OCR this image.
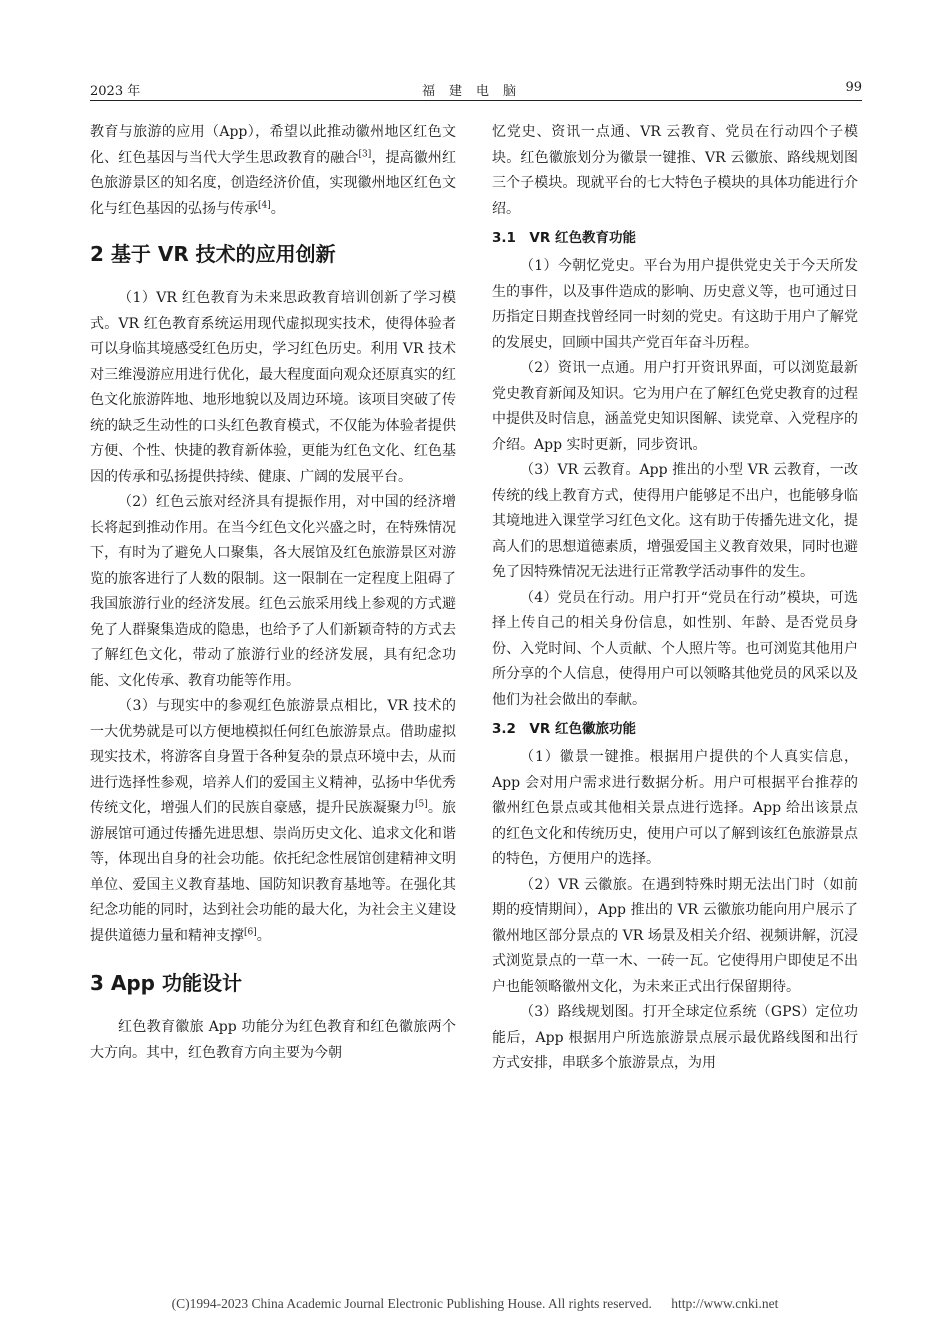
2023 年	福建电脑	99

教育与旅游的应用（App），希望以此推动徽州地区红色文化、红色基因与当代大学生思政教育的融合[3]，提高徽州红色旅游景区的知名度，创造经济价值，实现徽州地区红色文化与红色基因的弘扬与传承[4]。

2 基于 VR 技术的应用创新

（1）VR 红色教育为未来思政教育培训创新了学习模式。VR 红色教育系统运用现代虚拟现实技术，使得体验者可以身临其境感受红色历史，学习红色历史。利用 VR 技术对三维漫游应用进行优化，最大程度面向观众还原真实的红色文化旅游阵地、地形地貌以及周边环境。该项目突破了传统的缺乏生动性的口头红色教育模式，不仅能为体验者提供方便、个性、快捷的教育新体验，更能为红色文化、红色基因的传承和弘扬提供持续、健康、广阔的发展平台。

（2）红色云旅对经济具有提振作用，对中国的经济增长将起到推动作用。在当今红色文化兴盛之时，在特殊情况下，有时为了避免人口聚集，各大展馆及红色旅游景区对游览的旅客进行了人数的限制。这一限制在一定程度上阻碍了我国旅游行业的经济发展。红色云旅采用线上参观的方式避免了人群聚集造成的隐患，也给予了人们新颖奇特的方式去了解红色文化，带动了旅游行业的经济发展，具有纪念功能、文化传承、教育功能等作用。

（3）与现实中的参观红色旅游景点相比，VR 技术的一大优势就是可以方便地模拟任何红色旅游景点。借助虚拟现实技术，将游客自身置于各种复杂的景点环境中去，从而进行选择性参观，培养人们的爱国主义精神，弘扬中华优秀传统文化，增强人们的民族自豪感，提升民族凝聚力[5]。旅游展馆可通过传播先进思想、崇尚历史文化、追求文化和谐等，体现出自身的社会功能。依托纪念性展馆创建精神文明单位、爱国主义教育基地、国防知识教育基地等。在强化其纪念功能的同时，达到社会功能的最大化，为社会主义建设提供道德力量和精神支撑[6]。

3 App 功能设计

红色教育徽旅 App 功能分为红色教育和红色徽旅两个大方向。其中，红色教育方向主要为今朝

忆党史、资讯一点通、VR 云教育、党员在行动四个子模块。红色徽旅划分为徽景一键推、VR 云徽旅、路线规划图三个子模块。现就平台的七大特色子模块的具体功能进行介绍。

3.1　VR 红色教育功能

（1）今朝忆党史。平台为用户提供党史关于今天所发生的事件，以及事件造成的影响、历史意义等，也可通过日历指定日期查找曾经同一时刻的党史。有这助于用户了解党的发展史，回顾中国共产党百年奋斗历程。

（2）资讯一点通。用户打开资讯界面，可以浏览最新党史教育新闻及知识。它为用户在了解红色党史教育的过程中提供及时信息，涵盖党史知识图解、读党章、入党程序的介绍。App 实时更新，同步资讯。

（3）VR 云教育。App 推出的小型 VR 云教育，一改传统的线上教育方式，使得用户能够足不出户，也能够身临其境地进入课堂学习红色文化。这有助于传播先进文化，提高人们的思想道德素质，增强爱国主义教育效果，同时也避免了因特殊情况无法进行正常教学活动事件的发生。

（4）党员在行动。用户打开“党员在行动”模块，可选择上传自己的相关身份信息，如性别、年龄、是否党员身份、入党时间、个人贡献、个人照片等。也可浏览其他用户所分享的个人信息，使得用户可以领略其他党员的风采以及他们为社会做出的奉献。

3.2　VR 红色徽旅功能

（1）徽景一键推。根据用户提供的个人真实信息，App 会对用户需求进行数据分析。用户可根据平台推荐的徽州红色景点或其他相关景点进行选择。App 给出该景点的红色文化和传统历史，使用户可以了解到该红色旅游景点的特色，方便用户的选择。

（2）VR 云徽旅。在遇到特殊时期无法出门时（如前期的疫情期间），App 推出的 VR 云徽旅功能向用户展示了徽州地区部分景点的 VR 场景及相关介绍、视频讲解，沉浸式浏览景点的一草一木、一砖一瓦。它使得用户即使足不出户也能领略徽州文化，为未来正式出行保留期待。

（3）路线规划图。打开全球定位系统（GPS）定位功能后，App 根据用户所选旅游景点展示最优路线图和出行方式安排，串联多个旅游景点，为用

(C)1994-2023 China Academic Journal Electronic Publishing House. All rights reserved. http://www.cnki.net
